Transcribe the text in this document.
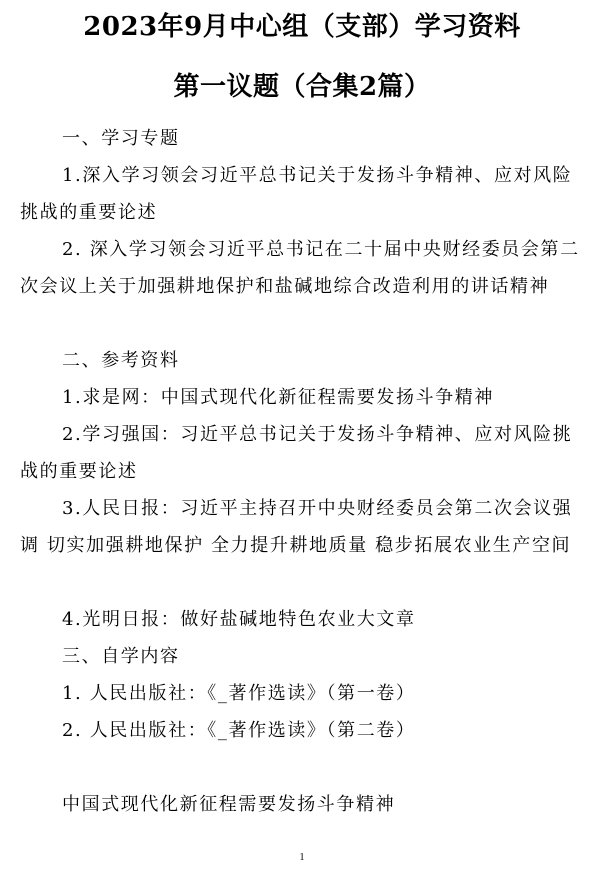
2023年9月中心组（支部）学习资料
第一议题（合集2篇）

一、学习专题

1.深入学习领会习近平总书记关于发扬斗争精神、应对风险挑战的重要论述

2. 深入学习领会习近平总书记在二十届中央财经委员会第二次会议上关于加强耕地保护和盐碱地综合改造利用的讲话精神

二、参考资料

1.求是网：中国式现代化新征程需要发扬斗争精神

2.学习强国：习近平总书记关于发扬斗争精神、应对风险挑战的重要论述

3.人民日报：习近平主持召开中央财经委员会第二次会议强调 切实加强耕地保护 全力提升耕地质量 稳步拓展农业生产空间

4.光明日报：做好盐碱地特色农业大文章

三、自学内容

1. 人民出版社：《_著作选读》（第一卷）

2. 人民出版社：《_著作选读》（第二卷）

中国式现代化新征程需要发扬斗争精神

1
